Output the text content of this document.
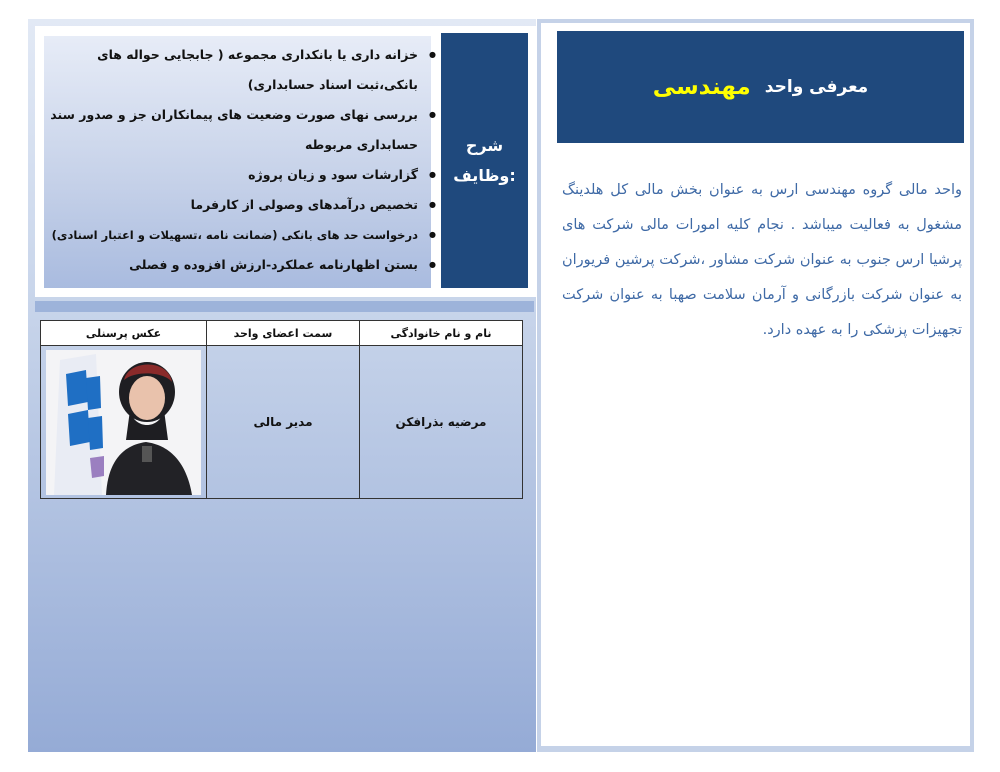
شرح
وظایف:
● خزانه داری یا بانکداری مجموعه ( جابجایی حواله های بانکی،ثبت اسناد حسابداری)
● بررسی نهای صورت وضعیت های پیمانکاران جز و صدور سند حسابداری مربوطه
● گزارشات سود و زیان پروژه
● تخصیص درآمدهای وصولی از کارفرما
● درخواست حد های بانکی (ضمانت نامه ،تسهیلات و اعتبار اسنادی)
● بستن اظهارنامه عملکرد-ارزش افزوده و فصلی
نام و نام خانوادگی	سمت اعضای واحد	عکس پرسنلی
مرضیه بذرافکن	مدیر مالی	
معرفی واحد
مهندسی
واحد مالی گروه مهندسی ارس به عنوان بخش مالی کل هلدینگ مشغول به فعالیت میباشد . نجام کلیه امورات مالی شرکت های پرشیا ارس جنوب به عنوان شرکت مشاور ،شرکت پرشین فریوران به عنوان شرکت بازرگانی و آرمان سلامت صهبا به عنوان شرکت تجهیزات پزشکی را به عهده دارد.
